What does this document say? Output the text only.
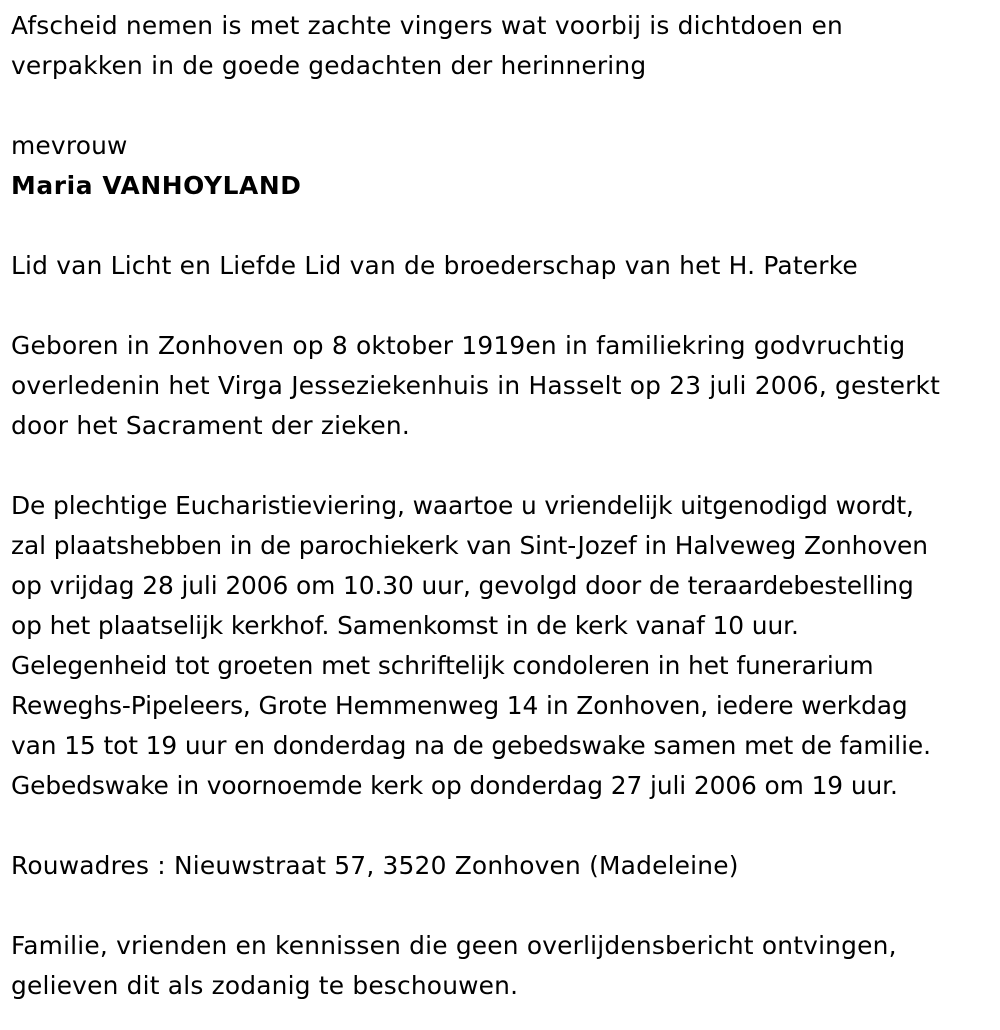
Afscheid nemen is met zachte vingers wat voorbij is dichtdoen en
verpakken in de goede gedachten der herinnering
mevrouw
Maria VANHOYLAND
Lid van Licht en Liefde Lid van de broederschap van het H. Paterke
Geboren in Zonhoven op 8 oktober 1919en in familiekring godvruchtig
overledenin het Virga Jesseziekenhuis in Hasselt op 23 juli 2006, gesterkt
door het Sacrament der zieken.
De plechtige Eucharistieviering, waartoe u vriendelijk uitgenodigd wordt,
zal plaatshebben in de parochiekerk van Sint-Jozef in Halveweg Zonhoven
op vrijdag 28 juli 2006 om 10.30 uur, gevolgd door de teraardebestelling
op het plaatselijk kerkhof. Samenkomst in de kerk vanaf 10 uur.
Gelegenheid tot groeten met schriftelijk condoleren in het funerarium
Reweghs-Pipeleers, Grote Hemmenweg 14 in Zonhoven, iedere werkdag
van 15 tot 19 uur en donderdag na de gebedswake samen met de familie.
Gebedswake in voornoemde kerk op donderdag 27 juli 2006 om 19 uur.
Rouwadres : Nieuwstraat 57, 3520 Zonhoven (Madeleine)
Familie, vrienden en kennissen die geen overlijdensbericht ontvingen,
gelieven dit als zodanig te beschouwen.
